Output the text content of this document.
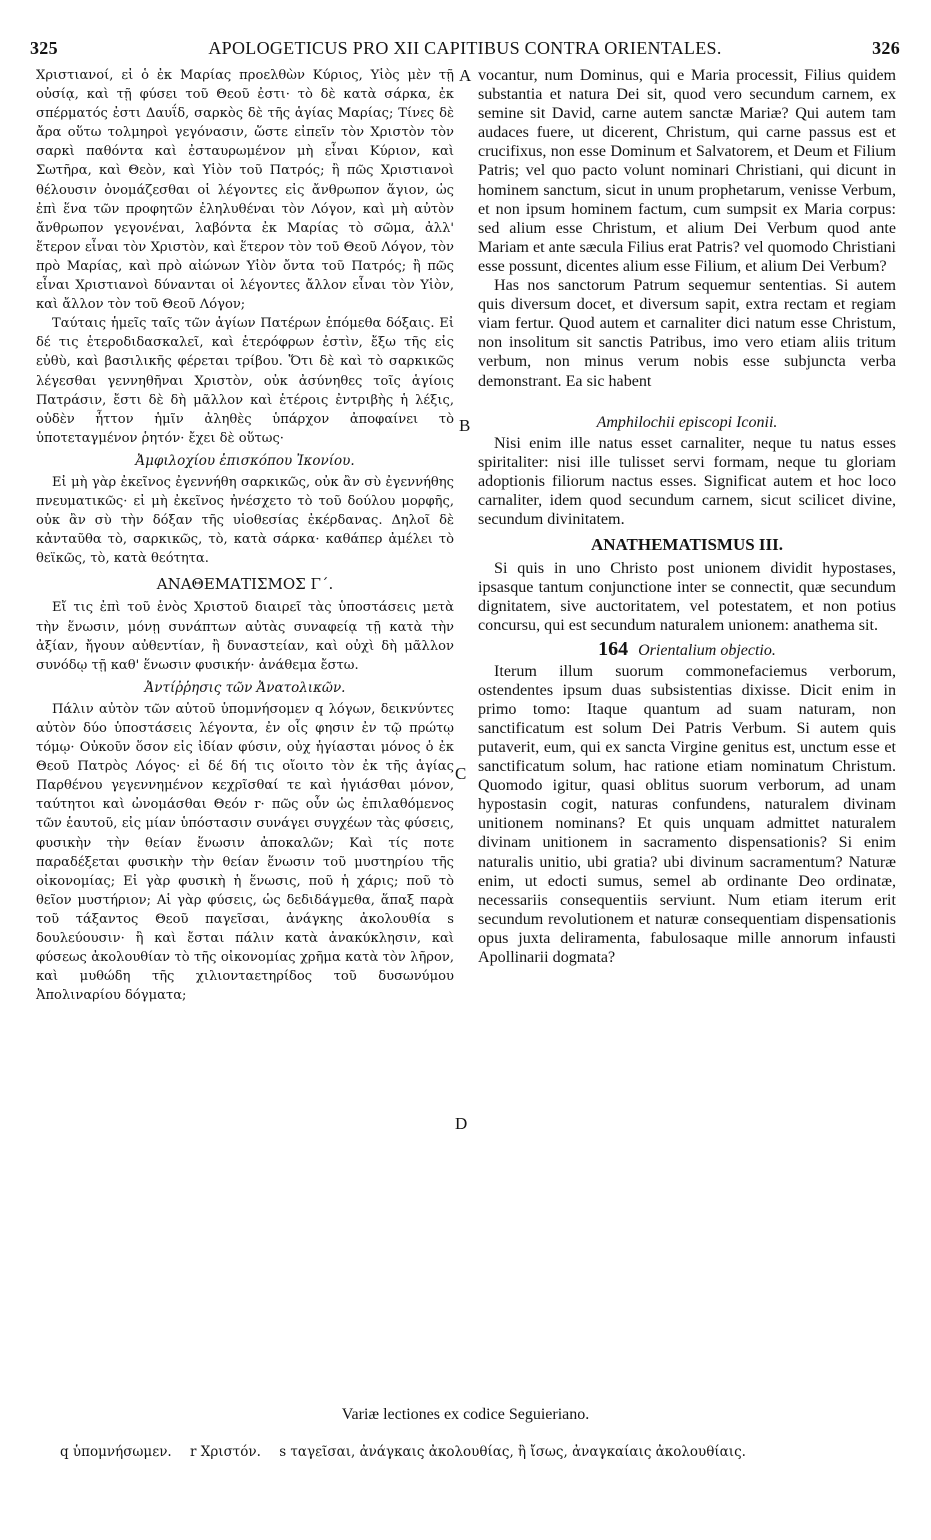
325	APOLOGETICUS PRO XII CAPITIBUS CONTRA ORIENTALES.	326
A
B
C
D

Χριστιανοί, εἰ ὁ ἐκ Μαρίας προελθὼν Κύριος, Υἱὸς μὲν τῇ οὐσίᾳ, καὶ τῇ φύσει τοῦ Θεοῦ ἐστι· τὸ δὲ κατὰ σάρκα, ἐκ σπέρματός ἐστι Δαυΐδ, σαρκὸς δὲ τῆς ἁγίας Μαρίας; Τίνες δὲ ἄρα οὕτω τολμηροὶ γεγόνασιν, ὥστε εἰπεῖν τὸν Χριστὸν τὸν σαρκὶ παθόντα καὶ ἐσταυρωμένον μὴ εἶναι Κύριον, καὶ Σωτῆρα, καὶ Θεὸν, καὶ Υἱὸν τοῦ Πατρός; ἢ πῶς Χριστιανοὶ θέλουσιν ὀνομάζεσθαι οἱ λέγοντες εἰς ἄνθρωπον ἅγιον, ὡς ἐπὶ ἕνα τῶν προφητῶν ἐληλυθέναι τὸν Λόγον, καὶ μὴ αὐτὸν ἄνθρωπον γεγονέναι, λαβόντα ἐκ Μαρίας τὸ σῶμα, ἀλλ' ἕτερον εἶναι τὸν Χριστὸν, καὶ ἕτερον τὸν τοῦ Θεοῦ Λόγον, τὸν πρὸ Μαρίας, καὶ πρὸ αἰώνων Υἱὸν ὄντα τοῦ Πατρός; ἢ πῶς εἶναι Χριστιανοὶ δύνανται οἱ λέγοντες ἄλλον εἶναι τὸν Υἱὸν, καὶ ἄλλον τὸν τοῦ Θεοῦ Λόγον;

Ταύταις ἡμεῖς ταῖς τῶν ἁγίων Πατέρων ἑπόμεθα δόξαις. Εἰ δέ τις ἑτεροδιδασκαλεῖ, καὶ ἑτερόφρων ἐστὶν, ἔξω τῆς εἰς εὐθὺ, καὶ βασιλικῆς φέρεται τρίβου. Ὅτι δὲ καὶ τὸ σαρκικῶς λέγεσθαι γεννηθῆναι Χριστὸν, οὐκ ἀσύνηθες τοῖς ἁγίοις Πατράσιν, ἔστι δὲ δὴ μᾶλλον καὶ ἑτέροις ἐντριβὴς ἡ λέξις, οὐδὲν ἧττον ἡμῖν ἀληθὲς ὑπάρχον ἀποφαίνει τὸ ὑποτεταγμένον ῥητόν· ἔχει δὲ οὕτως·

Ἀμφιλοχίου ἐπισκόπου Ἰκονίου.

Εἰ μὴ γὰρ ἐκεῖνος ἐγεννήθη σαρκικῶς, οὐκ ἂν σὺ ἐγεννήθης πνευματικῶς· εἰ μὴ ἐκεῖνος ἠνέσχετο τὸ τοῦ δούλου μορφῆς, οὐκ ἂν σὺ τὴν δόξαν τῆς υἱοθεσίας ἐκέρδανας. Δηλοῖ δὲ κἀνταῦθα τὸ, σαρκικῶς, τὸ, κατὰ σάρκα· καθάπερ ἀμέλει τὸ θεϊκῶς, τὸ, κατὰ θεότητα.

ΑΝΑΘΕΜΑΤΙΣΜΟΣ Γ΄.

Εἴ τις ἐπὶ τοῦ ἑνὸς Χριστοῦ διαιρεῖ τὰς ὑποστάσεις μετὰ τὴν ἕνωσιν, μόνῃ συνάπτων αὐτὰς συναφείᾳ τῇ κατὰ τὴν ἀξίαν, ἤγουν αὐθεντίαν, ἢ δυναστείαν, καὶ οὐχὶ δὴ μᾶλλον συνόδῳ τῇ καθ' ἕνωσιν φυσικήν· ἀνάθεμα ἔστω.

Ἀντίῤῥησις τῶν Ἀνατολικῶν.

Πάλιν αὐτὸν τῶν αὑτοῦ ὑπομνήσομεν q λόγων, δεικνύντες αὐτὸν δύο ὑποστάσεις λέγοντα, ἐν οἷς φησιν ἐν τῷ πρώτῳ τόμῳ· Οὐκοῦν ὅσον εἰς ἰδίαν φύσιν, οὐχ ἡγίασται μόνος ὁ ἐκ Θεοῦ Πατρὸς Λόγος· εἰ δέ δή τις οἴοιτο τὸν ἐκ τῆς ἁγίας Παρθένου γεγεννημένον κεχρῖσθαί τε καὶ ἡγιάσθαι μόνον, ταύτητοι καὶ ὠνομάσθαι Θεόν r· πῶς οὖν ὡς ἐπιλαθόμενος τῶν ἑαυτοῦ, εἰς μίαν ὑπόστασιν συνάγει συγχέων τὰς φύσεις, φυσικὴν τὴν θείαν ἕνωσιν ἀποκαλῶν; Καὶ τίς ποτε παραδέξεται φυσικὴν τὴν θείαν ἕνωσιν τοῦ μυστηρίου τῆς οἰκονομίας; Εἰ γὰρ φυσικὴ ἡ ἕνωσις, ποῦ ἡ χάρις; ποῦ τὸ θεῖον μυστήριον; Αἱ γὰρ φύσεις, ὡς δεδιδάγμεθα, ἅπαξ παρὰ τοῦ τάξαντος Θεοῦ παγεῖσαι, ἀνάγκης ἀκολουθία s δουλεύουσιν· ἢ καὶ ἔσται πάλιν κατὰ ἀνακύκλησιν, καὶ φύσεως ἀκολουθίαν τὸ τῆς οἰκονομίας χρῆμα κατὰ τὸν λῆρον, καὶ μυθώδη τῆς χιλιονταετηρίδος τοῦ δυσωνύμου Ἀπολιναρίου δόγματα;

vocantur, num Dominus, qui e Maria processit, Filius quidem substantia et natura Dei sit, quod vero secundum carnem, ex semine sit David, carne autem sanctæ Mariæ? Qui autem tam audaces fuere, ut dicerent, Christum, qui carne passus est et crucifixus, non esse Dominum et Salvatorem, et Deum et Filium Patris; vel quo pacto volunt nominari Christiani, qui dicunt in hominem sanctum, sicut in unum prophetarum, venisse Verbum, et non ipsum hominem factum, cum sumpsit ex Maria corpus: sed alium esse Christum, et alium Dei Verbum quod ante Mariam et ante sæcula Filius erat Patris? vel quomodo Christiani esse possunt, dicentes alium esse Filium, et alium Dei Verbum?

Has nos sanctorum Patrum sequemur sententias. Si autem quis diversum docet, et diversum sapit, extra rectam et regiam viam fertur. Quod autem et carnaliter dici natum esse Christum, non insolitum sit sanctis Patribus, imo vero etiam aliis tritum verbum, non minus verum nobis esse subjuncta verba demonstrant. Ea sic habent

Amphilochii episcopi Iconii.

Nisi enim ille natus esset carnaliter, neque tu natus esses spiritaliter: nisi ille tulisset servi formam, neque tu gloriam adoptionis filiorum nactus esses. Significat autem et hoc loco carnaliter, idem quod secundum carnem, sicut scilicet divine, secundum divinitatem.

ANATHEMATISMUS III.

Si quis in uno Christo post unionem dividit hypostases, ipsasque tantum conjunctione inter se connectit, quæ secundum dignitatem, sive auctoritatem, vel potestatem, et non potius concursu, qui est secundum naturalem unionem: anathema sit.

164 Orientalium objectio.

Iterum illum suorum commonefaciemus verborum, ostendentes ipsum duas subsistentias dixisse. Dicit enim in primo tomo: Itaque quantum ad suam naturam, non sanctificatum est solum Dei Patris Verbum. Si autem quis putaverit, eum, qui ex sancta Virgine genitus est, unctum esse et sanctificatum solum, hac ratione etiam nominatum Christum. Quomodo igitur, quasi oblitus suorum verborum, ad unam hypostasin cogit, naturas confundens, naturalem divinam unitionem nominans? Et quis unquam admittet naturalem divinam unitionem in sacramento dispensationis? Si enim naturalis unitio, ubi gratia? ubi divinum sacramentum? Naturæ enim, ut edocti sumus, semel ab ordinante Deo ordinatæ, necessariis consequentiis serviunt. Num etiam iterum erit secundum revolutionem et naturæ consequentiam dispensationis opus juxta deliramenta, fabulosaque mille annorum infausti Apollinarii dogmata?

Variæ lectiones ex codice Seguieriano.
q ὑπομνήσωμεν. r Χριστόν. s ταγεῖσαι, ἀνάγκαις ἀκολουθίας, ἢ ἴσως, ἀναγκαίαις ἀκολουθίαις.
